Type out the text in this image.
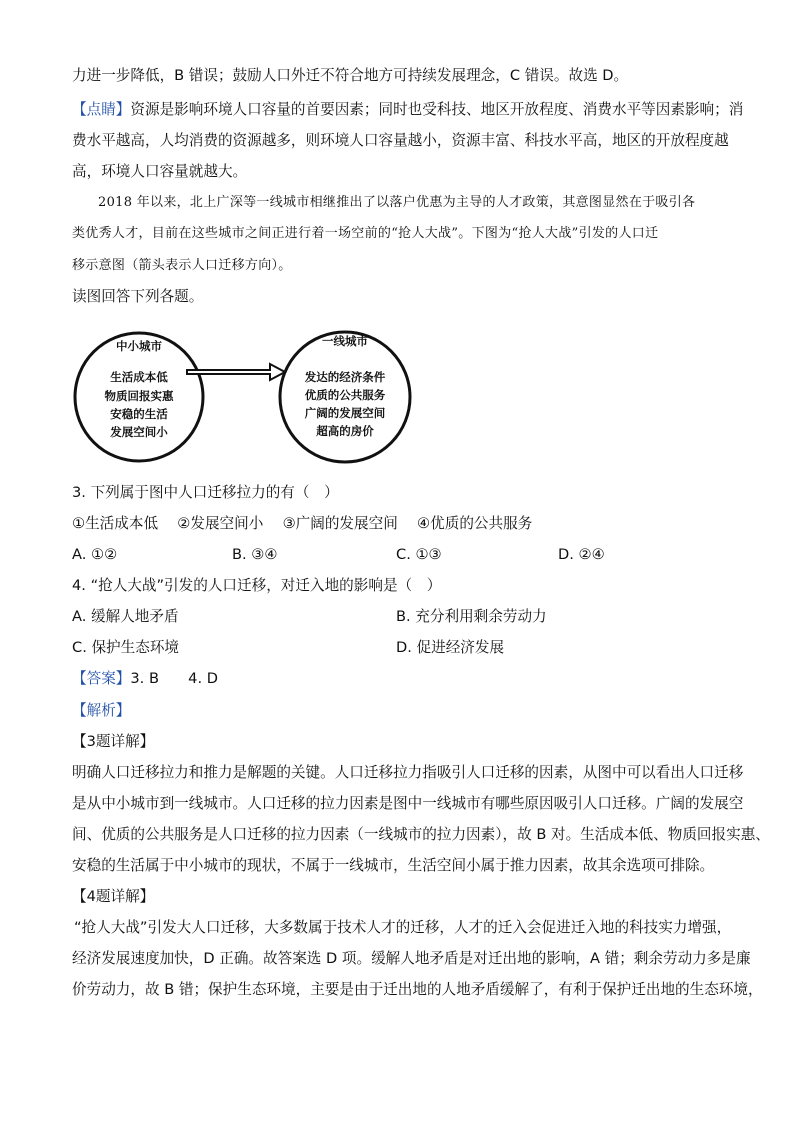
力进一步降低，B 错误；鼓励人口外迁不符合地方可持续发展理念，C 错误。故选 D。
【点睛】资源是影响环境人口容量的首要因素；同时也受科技、地区开放程度、消费水平等因素影响；消
费水平越高，人均消费的资源越多，则环境人口容量越小，资源丰富、科技水平高，地区的开放程度越
高，环境人口容量就越大。
2018 年以来，北上广深等一线城市相继推出了以落户优惠为主导的人才政策，其意图显然在于吸引各
类优秀人才，目前在这些城市之间正进行着一场空前的“抢人大战”。下图为“抢人大战”引发的人口迁
移示意图（箭头表示人口迁移方向）。
读图回答下列各题。
中小城市
生活成本低
物质回报实惠
安稳的生活
发展空间小
一线城市
发达的经济条件
优质的公共服务
广阔的发展空间
超高的房价
3. 下列属于图中人口迁移拉力的有（　）
①生活成本低　 ②发展空间小　 ③广阔的发展空间　 ④优质的公共服务
A. ①②	B. ③④	C. ①③	D. ②④
4. “抢人大战”引发的人口迁移，对迁入地的影响是（　）
A. 缓解人地矛盾	B. 充分利用剩余劳动力
C. 保护生态环境	D. 促进经济发展
【答案】3. B　　4. D
【解析】
【3题详解】
明确人口迁移拉力和推力是解题的关键。人口迁移拉力指吸引人口迁移的因素，从图中可以看出人口迁移
是从中小城市到一线城市。人口迁移的拉力因素是图中一线城市有哪些原因吸引人口迁移。广阔的发展空
间、优质的公共服务是人口迁移的拉力因素（一线城市的拉力因素），故 B 对。生活成本低、物质回报实惠、
安稳的生活属于中小城市的现状，不属于一线城市，生活空间小属于推力因素，故其余选项可排除。
【4题详解】
“抢人大战”引发大人口迁移，大多数属于技术人才的迁移，人才的迁入会促进迁入地的科技实力增强，
经济发展速度加快，D 正确。故答案选 D 项。缓解人地矛盾是对迁出地的影响，A 错；剩余劳动力多是廉
价劳动力，故 B 错；保护生态环境，主要是由于迁出地的人地矛盾缓解了，有利于保护迁出地的生态环境，
